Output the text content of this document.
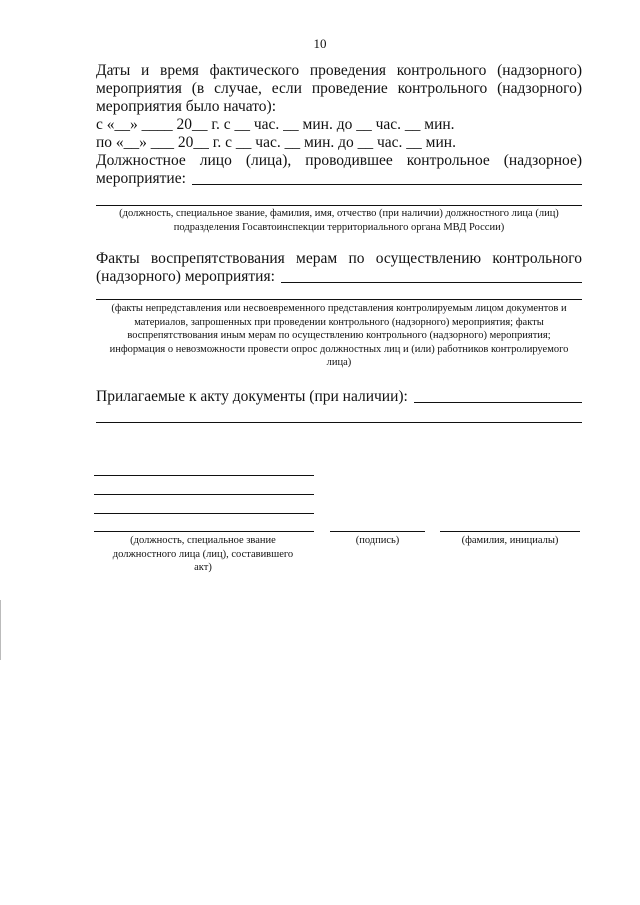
10

Даты и время фактического проведения контрольного (надзорного)

мероприятия (в случае, если проведение контрольного (надзорного)

мероприятия было начато):

с «__» ____ 20__ г. с __ час. __ мин. до __ час. __ мин.

по «__» ___ 20__ г. с __ час. __ мин. до __ час. __ мин.

Должностное лицо (лица), проводившее контрольное (надзорное)

мероприятие:

(должность, специальное звание, фамилия, имя, отчество (при наличии) должностного лица (лиц) подразделения Госавтоинспекции территориального органа МВД России)

Факты воспрепятствования мерам по осуществлению контрольного

(надзорного) мероприятия:

(факты непредставления или несвоевременного представления контролируемым лицом документов и материалов, запрошенных при проведении контрольного (надзорного) мероприятия; факты воспрепятствования иным мерам по осуществлению контрольного (надзорного) мероприятия; информация о невозможности провести опрос должностных лиц и (или) работников контролируемого лица)

Прилагаемые к акту документы (при наличии):

(должность, специальное звание должностного лица (лиц), составившего акт)
(подпись)	(фамилия, инициалы)
